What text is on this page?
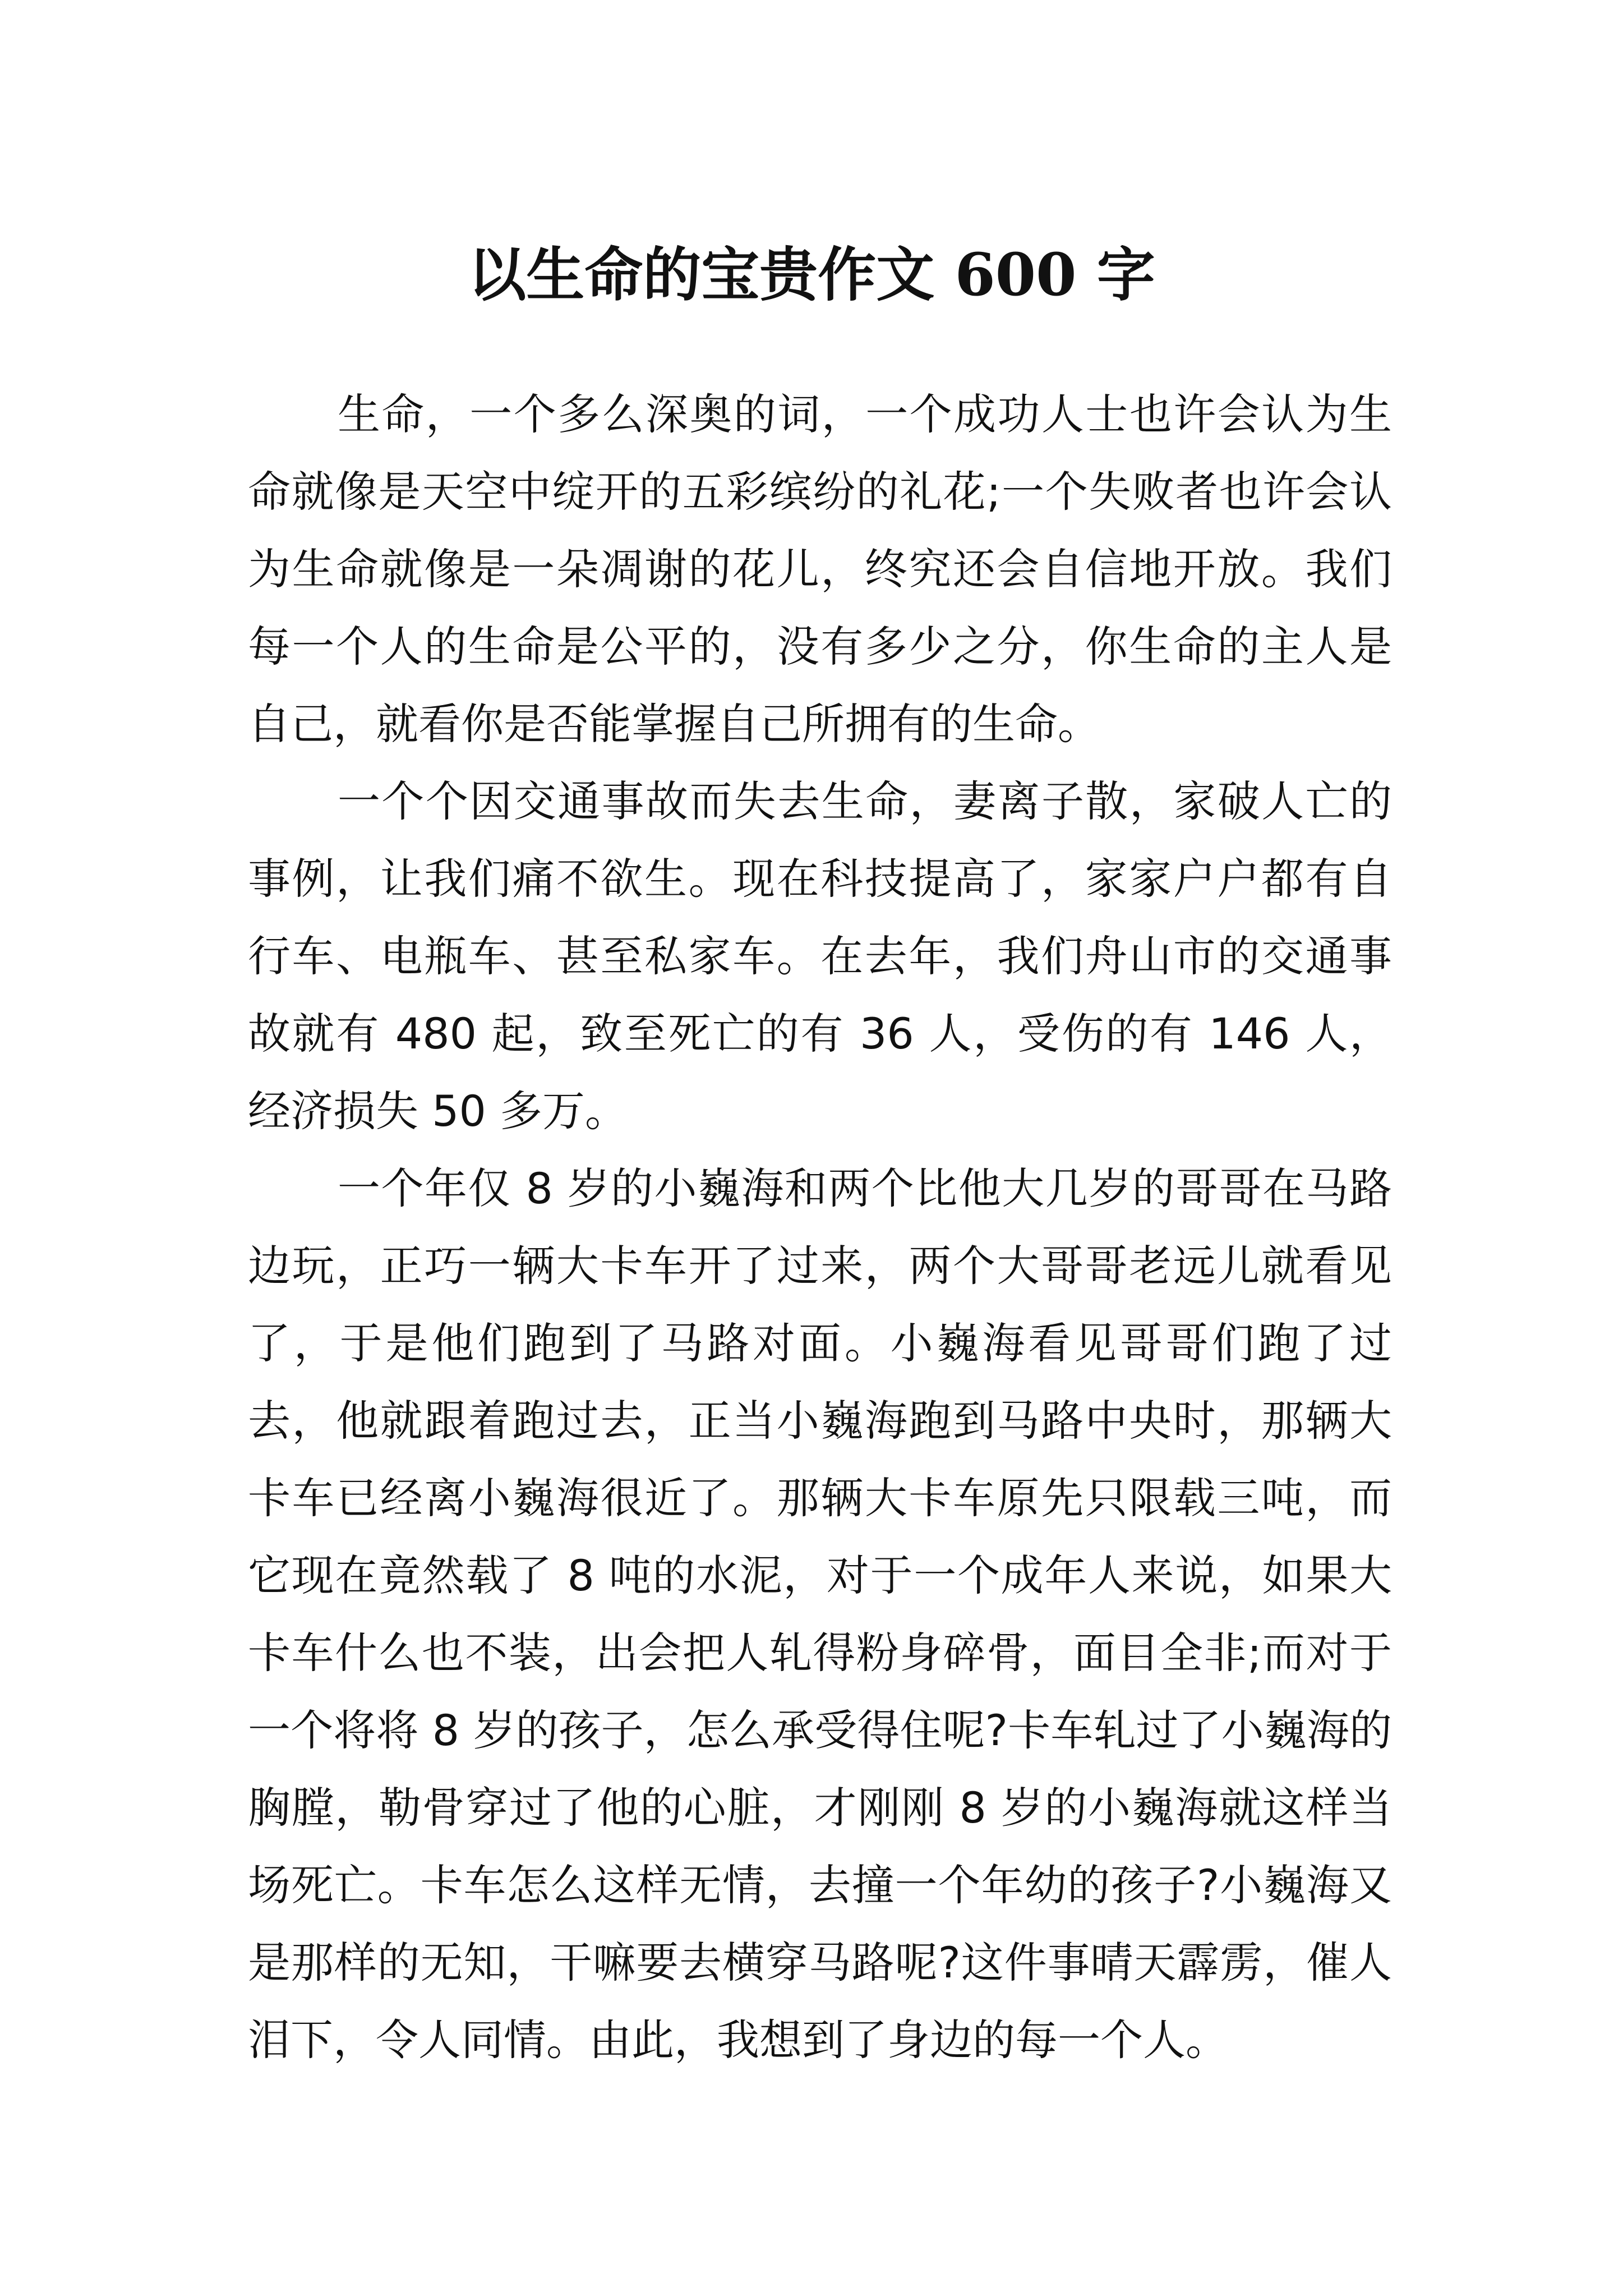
以生命的宝贵作文 600 字

生命，一个多么深奥的词，一个成功人士也许会认为生命就像是天空中绽开的五彩缤纷的礼花;一个失败者也许会认为生命就像是一朵凋谢的花儿，终究还会自信地开放。我们每一个人的生命是公平的，没有多少之分，你生命的主人是自己，就看你是否能掌握自己所拥有的生命。

一个个因交通事故而失去生命，妻离子散，家破人亡的事例，让我们痛不欲生。现在科技提高了，家家户户都有自行车、电瓶车、甚至私家车。在去年，我们舟山市的交通事故就有 480 起，致至死亡的有 36 人，受伤的有 146 人，经济损失 50 多万。

一个年仅 8 岁的小巍海和两个比他大几岁的哥哥在马路边玩，正巧一辆大卡车开了过来，两个大哥哥老远儿就看见了，于是他们跑到了马路对面。小巍海看见哥哥们跑了过去，他就跟着跑过去，正当小巍海跑到马路中央时，那辆大卡车已经离小巍海很近了。那辆大卡车原先只限载三吨，而它现在竟然载了 8 吨的水泥，对于一个成年人来说，如果大卡车什么也不装，出会把人轧得粉身碎骨，面目全非;而对于一个将将 8 岁的孩子，怎么承受得住呢?卡车轧过了小巍海的胸膛，勒骨穿过了他的心脏，才刚刚 8 岁的小巍海就这样当场死亡。卡车怎么这样无情，去撞一个年幼的孩子?小巍海又是那样的无知，干嘛要去横穿马路呢?这件事晴天霹雳，催人泪下，令人同情。由此，我想到了身边的每一个人。
